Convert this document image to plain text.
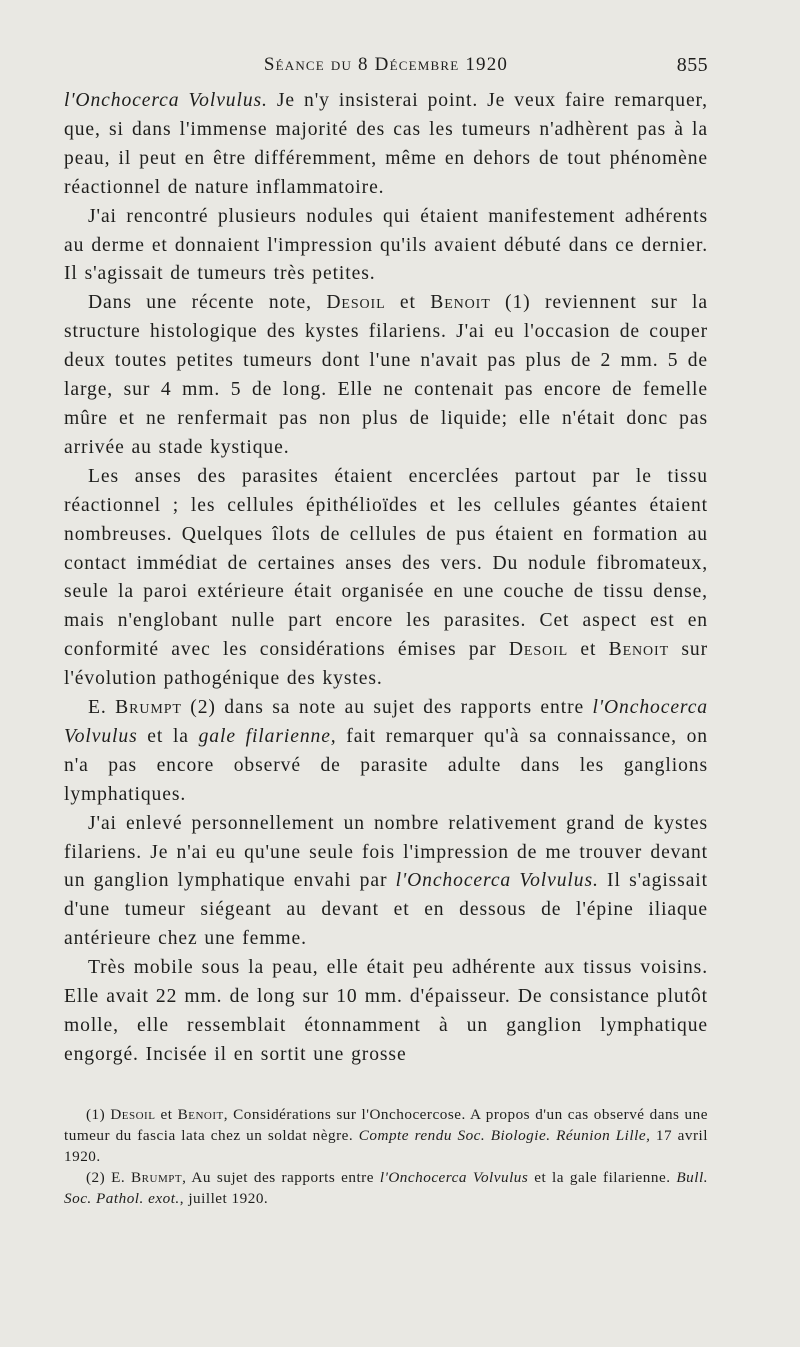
Séance du 8 Décembre 1920	855

l'Onchocerca Volvulus. Je n'y insisterai point. Je veux faire remarquer, que, si dans l'immense majorité des cas les tumeurs n'adhèrent pas à la peau, il peut en être différemment, même en dehors de tout phénomène réactionnel de nature inflammatoire.

J'ai rencontré plusieurs nodules qui étaient manifestement adhérents au derme et donnaient l'impression qu'ils avaient débuté dans ce dernier. Il s'agissait de tumeurs très petites.

Dans une récente note, Desoil et Benoit (1) reviennent sur la structure histologique des kystes filariens. J'ai eu l'occasion de couper deux toutes petites tumeurs dont l'une n'avait pas plus de 2 mm. 5 de large, sur 4 mm. 5 de long. Elle ne contenait pas encore de femelle mûre et ne renfermait pas non plus de liquide; elle n'était donc pas arrivée au stade kystique.

Les anses des parasites étaient encerclées partout par le tissu réactionnel ; les cellules épithélioïdes et les cellules géantes étaient nombreuses. Quelques îlots de cellules de pus étaient en formation au contact immédiat de certaines anses des vers. Du nodule fibromateux, seule la paroi extérieure était organisée en une couche de tissu dense, mais n'englobant nulle part encore les parasites. Cet aspect est en conformité avec les considérations émises par Desoil et Benoit sur l'évolution pathogénique des kystes.

E. Brumpt (2) dans sa note au sujet des rapports entre l'Onchocerca Volvulus et la gale filarienne, fait remarquer qu'à sa connaissance, on n'a pas encore observé de parasite adulte dans les ganglions lymphatiques.

J'ai enlevé personnellement un nombre relativement grand de kystes filariens. Je n'ai eu qu'une seule fois l'impression de me trouver devant un ganglion lymphatique envahi par l'Onchocerca Volvulus. Il s'agissait d'une tumeur siégeant au devant et en dessous de l'épine iliaque antérieure chez une femme.

Très mobile sous la peau, elle était peu adhérente aux tissus voisins. Elle avait 22 mm. de long sur 10 mm. d'épaisseur. De consistance plutôt molle, elle ressemblait étonnamment à un ganglion lymphatique engorgé. Incisée il en sortit une grosse

(1) Desoil et Benoit, Considérations sur l'Onchocercose. A propos d'un cas observé dans une tumeur du fascia lata chez un soldat nègre. Compte rendu Soc. Biologie. Réunion Lille, 17 avril 1920.

(2) E. Brumpt, Au sujet des rapports entre l'Onchocerca Volvulus et la gale filarienne. Bull. Soc. Pathol. exot., juillet 1920.
